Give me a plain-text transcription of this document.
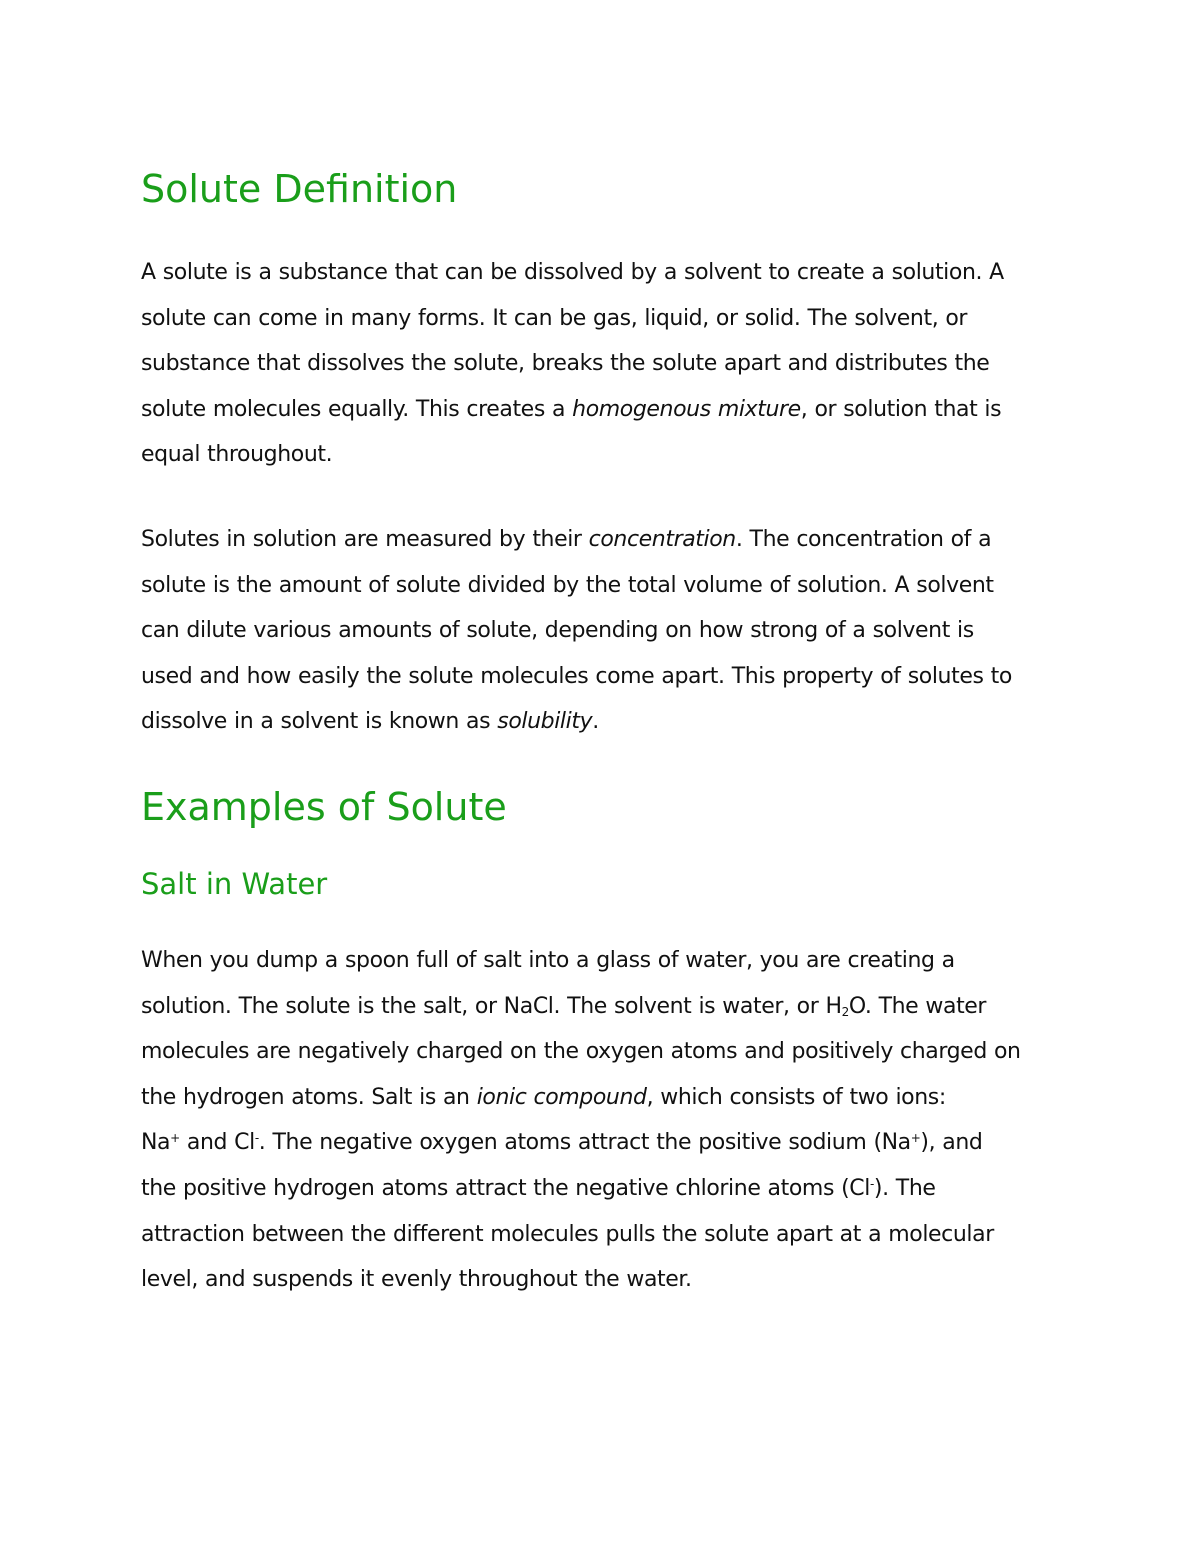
Solute Definition

A solute is a substance that can be dissolved by a solvent to create a solution. A
solute can come in many forms. It can be gas, liquid, or solid. The solvent, or
substance that dissolves the solute, breaks the solute apart and distributes the
solute molecules equally. This creates a homogenous mixture, or solution that is
equal throughout.

Solutes in solution are measured by their concentration. The concentration of a
solute is the amount of solute divided by the total volume of solution. A solvent
can dilute various amounts of solute, depending on how strong of a solvent is
used and how easily the solute molecules come apart. This property of solutes to
dissolve in a solvent is known as solubility.

Examples of Solute
Salt in Water

When you dump a spoon full of salt into a glass of water, you are creating a
solution. The solute is the salt, or NaCl. The solvent is water, or $H_2O$. The water
molecules are negatively charged on the oxygen atoms and positively charged on
the hydrogen atoms. Salt is an ionic compound, which consists of two ions:
Na+ and Cl-. The negative oxygen atoms attract the positive sodium (Na+), and
the positive hydrogen atoms attract the negative chlorine atoms (Cl-). The
attraction between the different molecules pulls the solute apart at a molecular
level, and suspends it evenly throughout the water.
